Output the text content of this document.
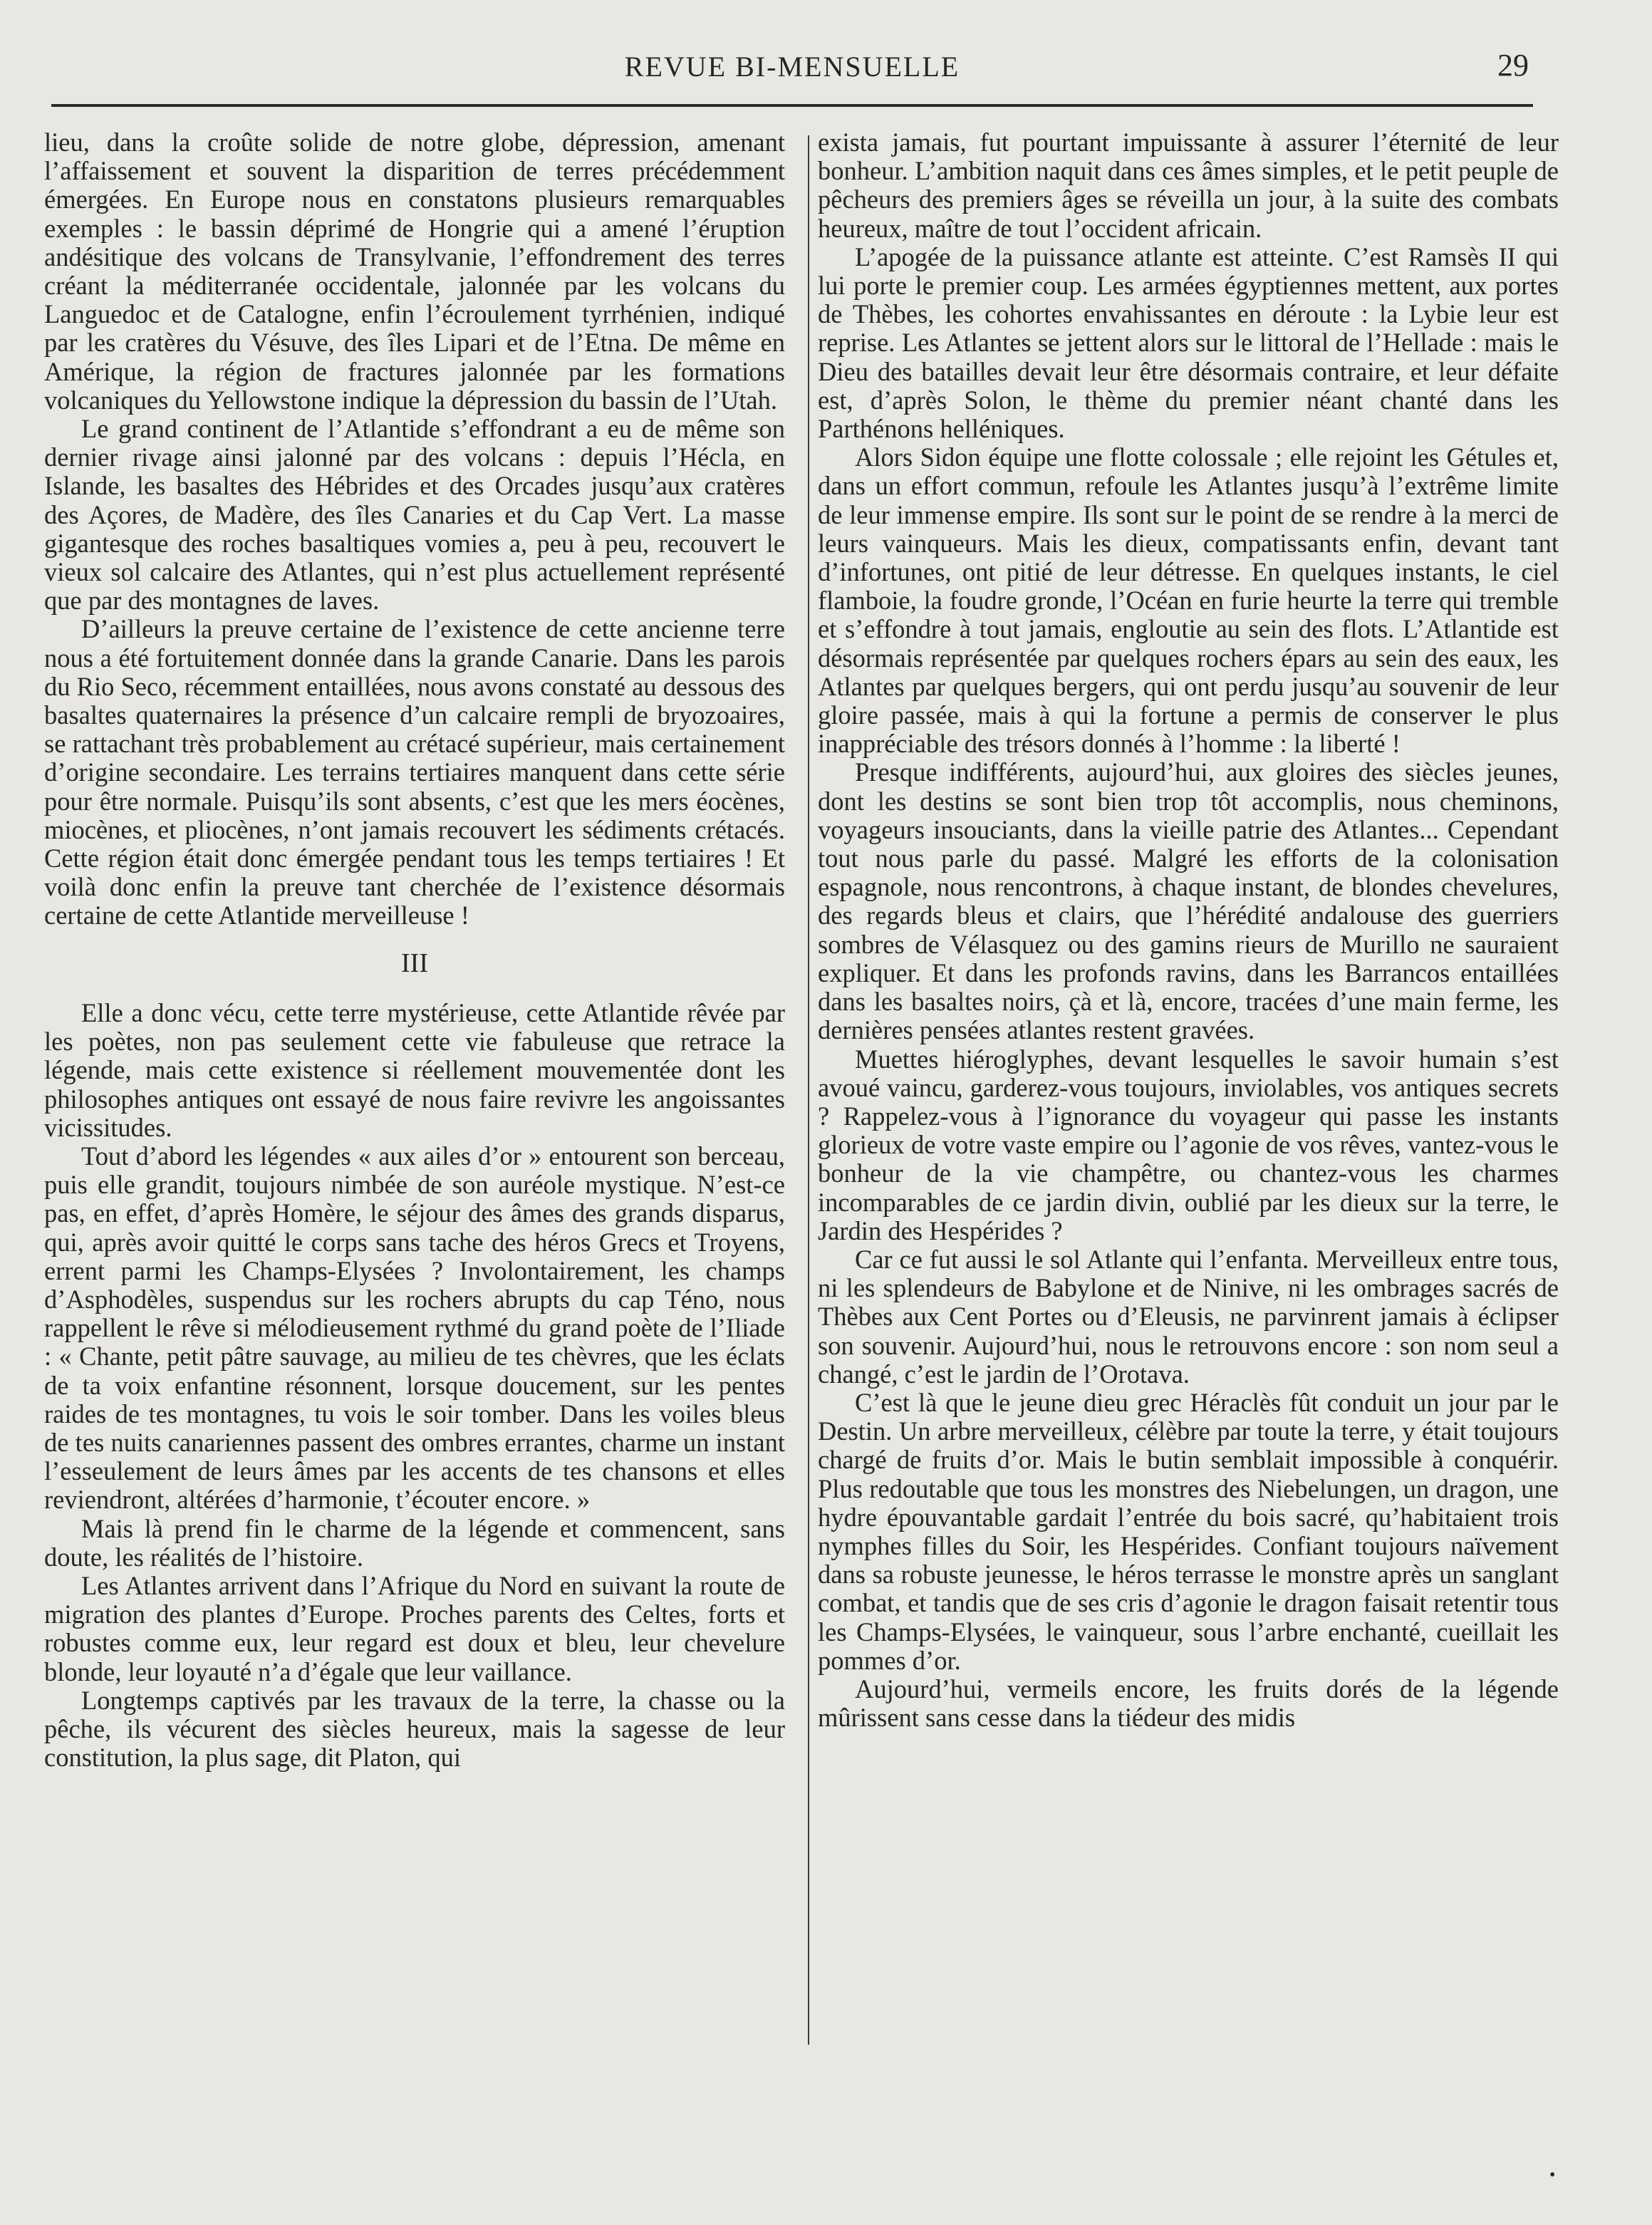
REVUE BI-MENSUELLE	29

lieu, dans la croûte solide de notre globe, dépression, amenant l’affaissement et souvent la disparition de terres précédemment émergées. En Europe nous en constatons plusieurs remarquables exemples : le bassin déprimé de Hongrie qui a amené l’éruption andésitique des volcans de Transylvanie, l’effondrement des terres créant la méditerranée occidentale, jalonnée par les volcans du Languedoc et de Catalogne, enfin l’écroulement tyrrhénien, indiqué par les cratères du Vésuve, des îles Lipari et de l’Etna. De même en Amérique, la région de fractures jalonnée par les formations volcaniques du Yellowstone indique la dépression du bassin de l’Utah.

Le grand continent de l’Atlantide s’effondrant a eu de même son dernier rivage ainsi jalonné par des volcans : depuis l’Hécla, en Islande, les basaltes des Hébrides et des Orcades jusqu’aux cratères des Açores, de Madère, des îles Canaries et du Cap Vert. La masse gigantesque des roches basaltiques vomies a, peu à peu, recouvert le vieux sol calcaire des Atlantes, qui n’est plus actuellement représenté que par des montagnes de laves.

D’ailleurs la preuve certaine de l’existence de cette ancienne terre nous a été fortuitement donnée dans la grande Canarie. Dans les parois du Rio Seco, récemment entaillées, nous avons constaté au dessous des basaltes quaternaires la présence d’un calcaire rempli de bryozoaires, se rattachant très probablement au crétacé supérieur, mais certainement d’origine secondaire. Les terrains tertiaires manquent dans cette série pour être normale. Puisqu’ils sont absents, c’est que les mers éocènes, miocènes, et pliocènes, n’ont jamais recouvert les sédiments crétacés. Cette région était donc émergée pendant tous les temps tertiaires ! Et voilà donc enfin la preuve tant cherchée de l’existence désormais certaine de cette Atlantide merveilleuse !

III

Elle a donc vécu, cette terre mystérieuse, cette Atlantide rêvée par les poètes, non pas seulement cette vie fabuleuse que retrace la légende, mais cette existence si réellement mouvementée dont les philosophes antiques ont essayé de nous faire revivre les angoissantes vicissitudes.

Tout d’abord les légendes « aux ailes d’or » entourent son berceau, puis elle grandit, toujours nimbée de son auréole mystique. N’est-ce pas, en effet, d’après Homère, le séjour des âmes des grands disparus, qui, après avoir quitté le corps sans tache des héros Grecs et Troyens, errent parmi les Champs-Elysées ? Involontairement, les champs d’Asphodèles, suspendus sur les rochers abrupts du cap Téno, nous rappellent le rêve si mélodieusement rythmé du grand poète de l’Iliade : « Chante, petit pâtre sauvage, au milieu de tes chèvres, que les éclats de ta voix enfantine résonnent, lorsque doucement, sur les pentes raides de tes montagnes, tu vois le soir tomber. Dans les voiles bleus de tes nuits canariennes passent des ombres errantes, charme un instant l’esseulement de leurs âmes par les accents de tes chansons et elles reviendront, altérées d’harmonie, t’écouter encore. »

Mais là prend fin le charme de la légende et commencent, sans doute, les réalités de l’histoire.

Les Atlantes arrivent dans l’Afrique du Nord en suivant la route de migration des plantes d’Europe. Proches parents des Celtes, forts et robustes comme eux, leur regard est doux et bleu, leur chevelure blonde, leur loyauté n’a d’égale que leur vaillance.

Longtemps captivés par les travaux de la terre, la chasse ou la pêche, ils vécurent des siècles heureux, mais la sagesse de leur constitution, la plus sage, dit Platon, qui

exista jamais, fut pourtant impuissante à assurer l’éternité de leur bonheur. L’ambition naquit dans ces âmes simples, et le petit peuple de pêcheurs des premiers âges se réveilla un jour, à la suite des combats heureux, maître de tout l’occident africain.

L’apogée de la puissance atlante est atteinte. C’est Ramsès II qui lui porte le premier coup. Les armées égyptiennes mettent, aux portes de Thèbes, les cohortes envahissantes en déroute : la Lybie leur est reprise. Les Atlantes se jettent alors sur le littoral de l’Hellade : mais le Dieu des batailles devait leur être désormais contraire, et leur défaite est, d’après Solon, le thème du premier néant chanté dans les Parthénons helléniques.

Alors Sidon équipe une flotte colossale ; elle rejoint les Gétules et, dans un effort commun, refoule les Atlantes jusqu’à l’extrême limite de leur immense empire. Ils sont sur le point de se rendre à la merci de leurs vainqueurs. Mais les dieux, compatissants enfin, devant tant d’infortunes, ont pitié de leur détresse. En quelques instants, le ciel flamboie, la foudre gronde, l’Océan en furie heurte la terre qui tremble et s’effondre à tout jamais, engloutie au sein des flots. L’Atlantide est désormais représentée par quelques rochers épars au sein des eaux, les Atlantes par quelques bergers, qui ont perdu jusqu’au souvenir de leur gloire passée, mais à qui la fortune a permis de conserver le plus inappréciable des trésors donnés à l’homme : la liberté !

Presque indifférents, aujourd’hui, aux gloires des siècles jeunes, dont les destins se sont bien trop tôt accomplis, nous cheminons, voyageurs insouciants, dans la vieille patrie des Atlantes... Cependant tout nous parle du passé. Malgré les efforts de la colonisation espagnole, nous rencontrons, à chaque instant, de blondes chevelures, des regards bleus et clairs, que l’hérédité andalouse des guerriers sombres de Vélasquez ou des gamins rieurs de Murillo ne sauraient expliquer. Et dans les profonds ravins, dans les Barrancos entaillées dans les basaltes noirs, çà et là, encore, tracées d’une main ferme, les dernières pensées atlantes restent gravées.

Muettes hiéroglyphes, devant lesquelles le savoir humain s’est avoué vaincu, garderez-vous toujours, inviolables, vos antiques secrets ? Rappelez-vous à l’ignorance du voyageur qui passe les instants glorieux de votre vaste empire ou l’agonie de vos rêves, vantez-vous le bonheur de la vie champêtre, ou chantez-vous les charmes incomparables de ce jardin divin, oublié par les dieux sur la terre, le Jardin des Hespérides ?

Car ce fut aussi le sol Atlante qui l’enfanta. Merveilleux entre tous, ni les splendeurs de Babylone et de Ninive, ni les ombrages sacrés de Thèbes aux Cent Portes ou d’Eleusis, ne parvinrent jamais à éclipser son souvenir. Aujourd’hui, nous le retrouvons encore : son nom seul a changé, c’est le jardin de l’Orotava.

C’est là que le jeune dieu grec Héraclès fût conduit un jour par le Destin. Un arbre merveilleux, célèbre par toute la terre, y était toujours chargé de fruits d’or. Mais le butin semblait impossible à conquérir. Plus redoutable que tous les monstres des Niebelungen, un dragon, une hydre épouvantable gardait l’entrée du bois sacré, qu’habitaient trois nymphes filles du Soir, les Hespérides. Confiant toujours naïvement dans sa robuste jeunesse, le héros terrasse le monstre après un sanglant combat, et tandis que de ses cris d’agonie le dragon faisait retentir tous les Champs-Elysées, le vainqueur, sous l’arbre enchanté, cueillait les pommes d’or.

Aujourd’hui, vermeils encore, les fruits dorés de la légende mûrissent sans cesse dans la tiédeur des midis

•
